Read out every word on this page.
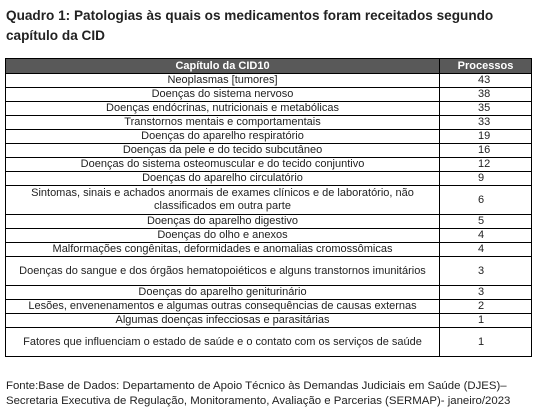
Quadro 1: Patologias às quais os medicamentos foram receitados segundo capítulo da CID
Capítulo da CID10	Processos
Neoplasmas [tumores]	43
Doenças do sistema nervoso	38
Doenças endócrinas, nutricionais e metabólicas	35
Transtornos mentais e comportamentais	33
Doenças do aparelho respiratório	19
Doenças da pele e do tecido subcutâneo	16
Doenças do sistema osteomuscular e do tecido conjuntivo	12
Doenças do aparelho circulatório	9
Sintomas, sinais e achados anormais de exames clínicos e de laboratório, não classificados em outra parte	6
Doenças do aparelho digestivo	5
Doenças do olho e anexos	4
Malformações congênitas, deformidades e anomalias cromossômicas	4
Doenças do sangue e dos órgãos hematopoiéticos e alguns transtornos imunitários	3
Doenças do aparelho geniturinário	3
Lesões, envenenamentos e algumas outras consequências de causas externas	2
Algumas doenças infecciosas e parasitárias	1
Fatores que influenciam o estado de saúde e o contato com os serviços de saúde	1
Fonte:Base de Dados: Departamento de Apoio Técnico às Demandas Judiciais em Saúde (DJES)– Secretaria Executiva de Regulação, Monitoramento, Avaliação e Parcerias (SERMAP)- janeiro/2023
